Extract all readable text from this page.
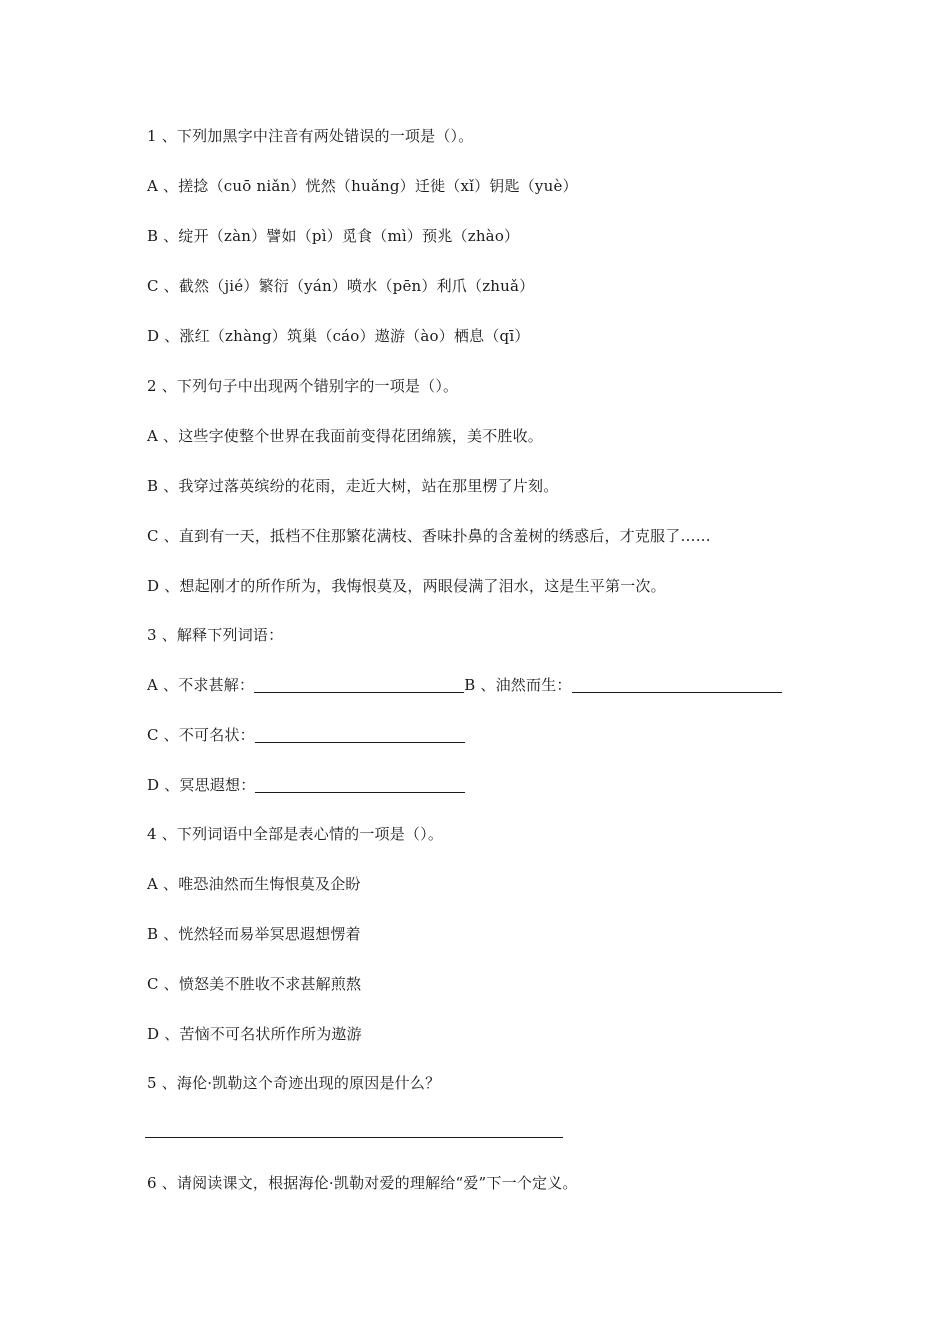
1 、下列加黑字中注音有两处错误的一项是（）。
A 、搓捻（cuō niǎn）恍然（huǎng）迁徙（xǐ）钥匙（yuè）
B 、绽开（zàn）譬如（pì）觅食（mì）预兆（zhào）
C 、截然（jié）繁衍（yán）喷水（pēn）利爪（zhuǎ）
D 、涨红（zhàng）筑巢（cáo）遨游（ào）栖息（qī）
2 、下列句子中出现两个错别字的一项是（）。
A 、这些字使整个世界在我面前变得花团绵簇，美不胜收。
B 、我穿过落英缤纷的花雨，走近大树，站在那里楞了片刻。
C 、直到有一天，抵档不住那繁花满枝、香味扑鼻的含羞树的绣惑后，才克服了……
D 、想起刚才的所作所为，我悔恨莫及，两眼侵满了泪水，这是生平第一次。
3 、解释下列词语：
A 、不求甚解：	B 、油然而生：
C 、不可名状：
D 、冥思遐想：
4 、下列词语中全部是表心情的一项是（）。
A 、唯恐油然而生悔恨莫及企盼
B 、恍然轻而易举冥思遐想愣着
C 、愤怒美不胜收不求甚解煎熬
D 、苦恼不可名状所作所为遨游
5 、海伦·凯勒这个奇迹出现的原因是什么？
6 、请阅读课文，根据海伦·凯勒对爱的理解给“爱”下一个定义。
